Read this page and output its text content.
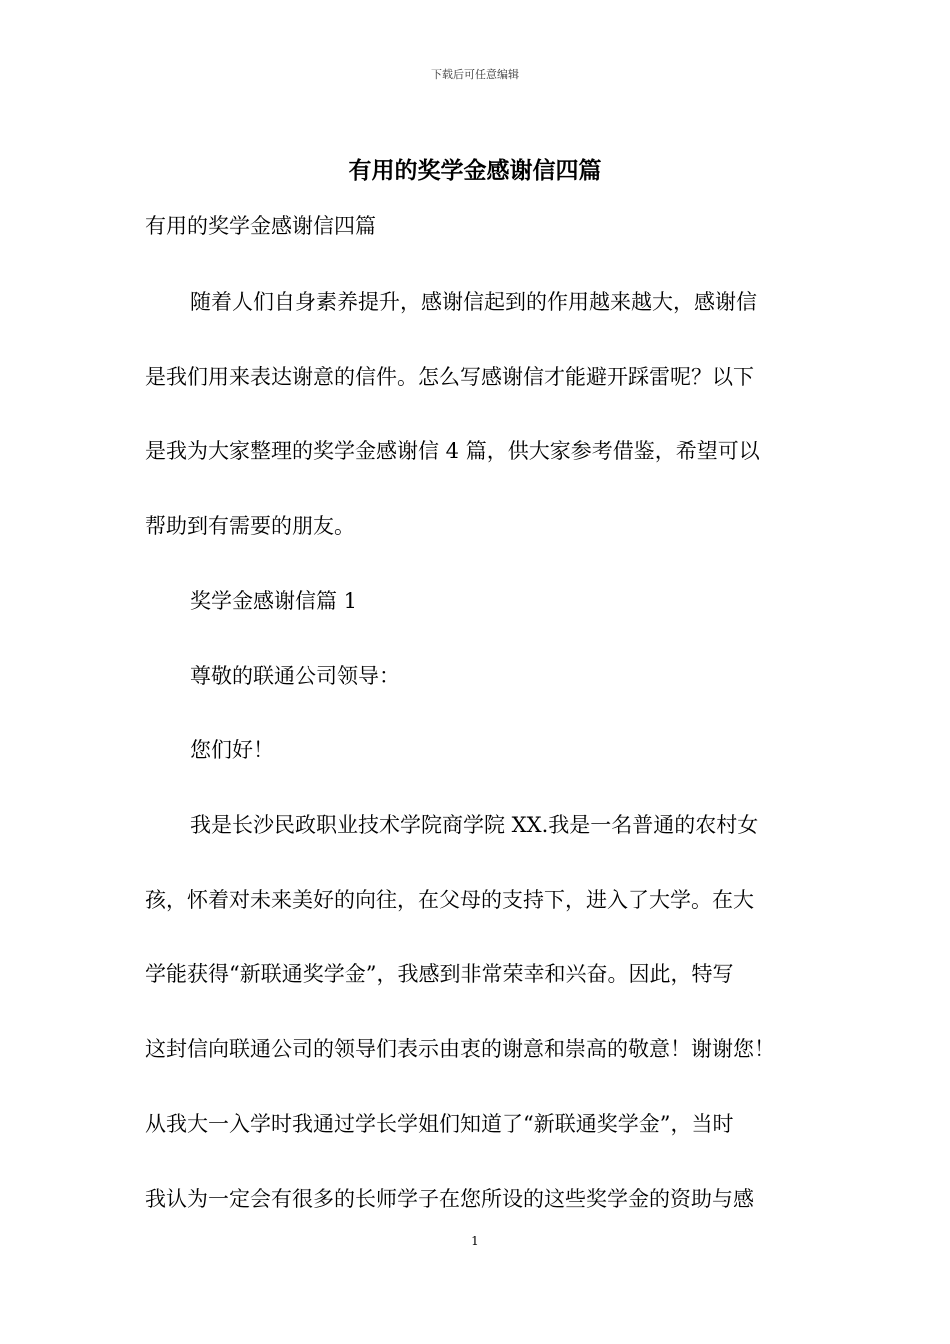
下载后可任意编辑
有用的奖学金感谢信四篇

有用的奖学金感谢信四篇

随着人们自身素养提升，感谢信起到的作用越来越大，感谢信

是我们用来表达谢意的信件。怎么写感谢信才能避开踩雷呢？以下

是我为大家整理的奖学金感谢信 4 篇，供大家参考借鉴，希望可以

帮助到有需要的朋友。

奖学金感谢信篇 1

尊敬的联通公司领导：

您们好！

我是长沙民政职业技术学院商学院 XX.我是一名普通的农村女

孩，怀着对未来美好的向往，在父母的支持下，进入了大学。在大

学能获得“新联通奖学金”，我感到非常荣幸和兴奋。因此，特写

这封信向联通公司的领导们表示由衷的谢意和崇高的敬意！谢谢您！

从我大一入学时我通过学长学姐们知道了“新联通奖学金”，当时

我认为一定会有很多的长师学子在您所设的这些奖学金的资助与感

1
